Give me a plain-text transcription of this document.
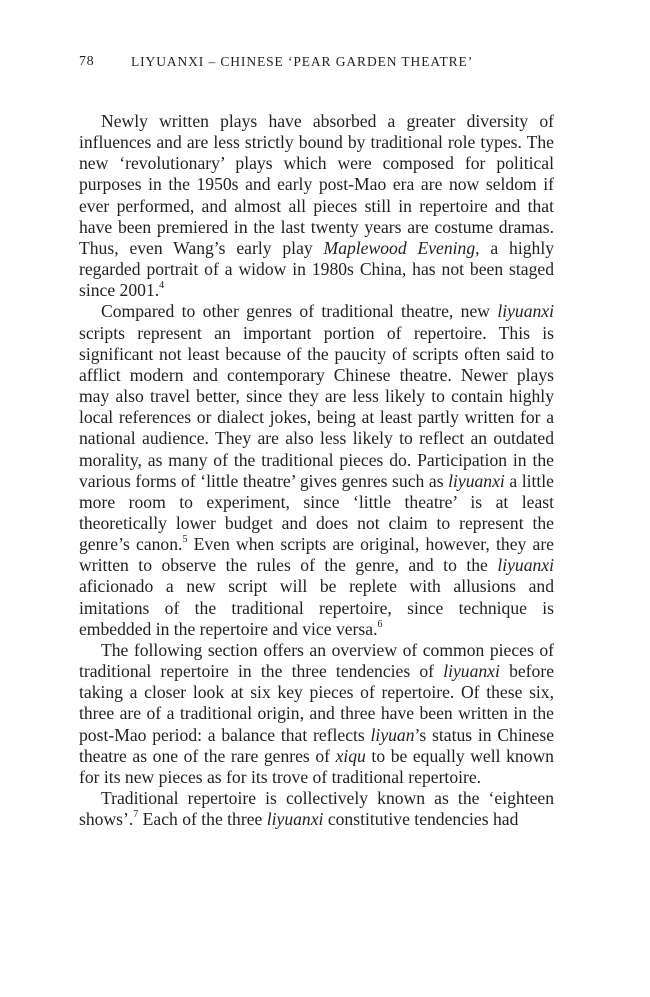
78	LIYUANXI – CHINESE ‘PEAR GARDEN THEATRE’

Newly written plays have absorbed a greater diversity of influences and are less strictly bound by traditional role types. The new ‘revolutionary’ plays which were composed for political purposes in the 1950s and early post-Mao era are now seldom if ever performed, and almost all pieces still in repertoire and that have been premiered in the last twenty years are costume dramas. Thus, even Wang’s early play Maplewood Evening, a highly regarded portrait of a widow in 1980s China, has not been staged since 2001.$^4$

Compared to other genres of traditional theatre, new liyuanxi scripts represent an important portion of repertoire. This is significant not least because of the paucity of scripts often said to afflict modern and contemporary Chinese theatre. Newer plays may also travel better, since they are less likely to contain highly local references or dialect jokes, being at least partly written for a national audience. They are also less likely to reflect an outdated morality, as many of the traditional pieces do. Participation in the various forms of ‘little theatre’ gives genres such as liyuanxi a little more room to experiment, since ‘little theatre’ is at least theoretically lower budget and does not claim to represent the genre’s canon.$^5$ Even when scripts are original, however, they are written to observe the rules of the genre, and to the liyuanxi aficionado a new script will be replete with allusions and imitations of the traditional repertoire, since technique is embedded in the repertoire and vice versa.$^6$

The following section offers an overview of common pieces of traditional repertoire in the three tendencies of liyuanxi before taking a closer look at six key pieces of repertoire. Of these six, three are of a traditional origin, and three have been written in the post-Mao period: a balance that reflects liyuan’s status in Chinese theatre as one of the rare genres of xiqu to be equally well known for its new pieces as for its trove of traditional repertoire.

Traditional repertoire is collectively known as the ‘eighteen shows’.$^7$ Each of the three liyuanxi constitutive tendencies had
